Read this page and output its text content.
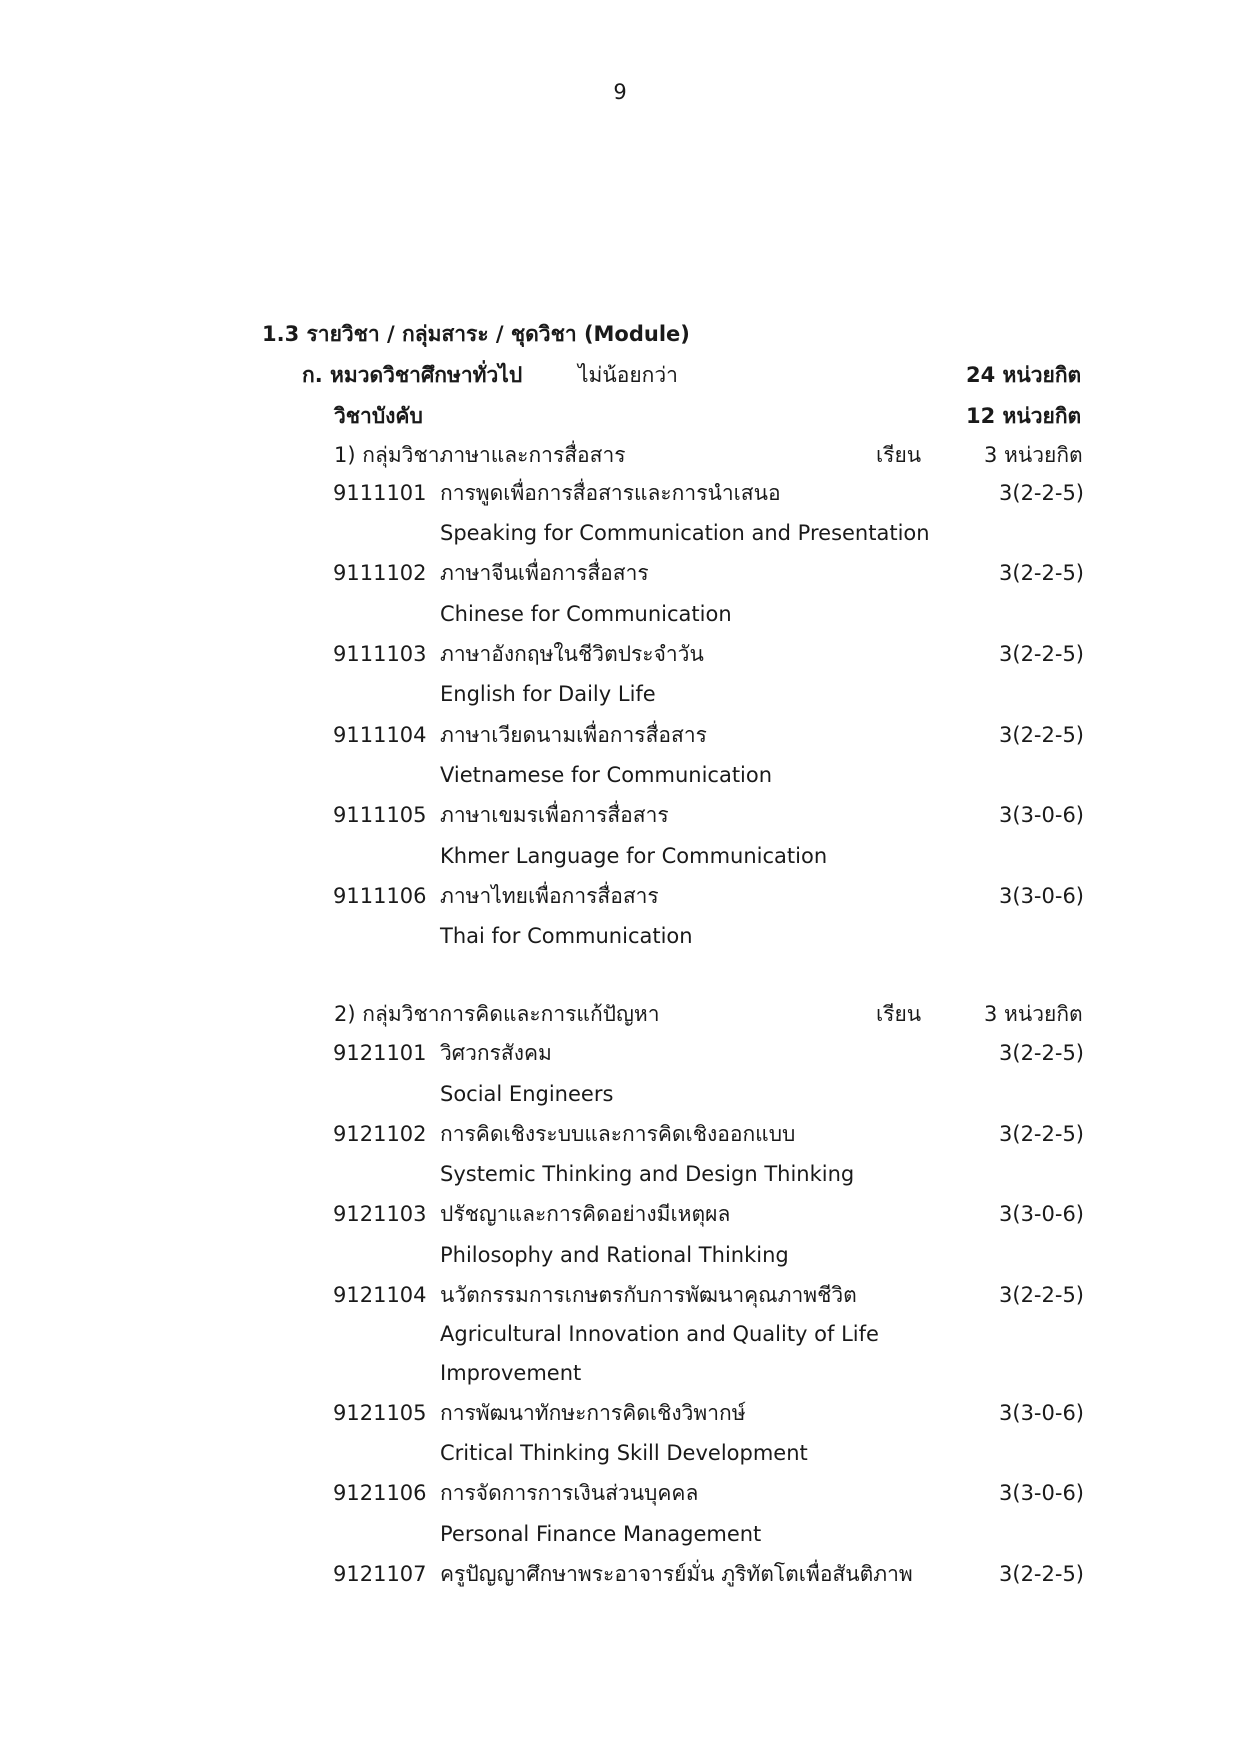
9
1.3 รายวิชา / กลุ่มสาระ / ชุดวิชา (Module)
ก. หมวดวิชาศึกษาทั่วไป	ไม่น้อยกว่า	24 หน่วยกิต
วิชาบังคับ	12 หน่วยกิต
1) กลุ่มวิชาภาษาและการสื่อสาร	เรียน	3 หน่วยกิต
9111101 การพูดเพื่อการสื่อสารและการนำเสนอ	3(2-2-5)
Speaking for Communication and Presentation
9111102 ภาษาจีนเพื่อการสื่อสาร	3(2-2-5)
Chinese for Communication
9111103 ภาษาอังกฤษในชีวิตประจำวัน	3(2-2-5)
English for Daily Life
9111104 ภาษาเวียดนามเพื่อการสื่อสาร	3(2-2-5)
Vietnamese for Communication
9111105 ภาษาเขมรเพื่อการสื่อสาร	3(3-0-6)
Khmer Language for Communication
9111106 ภาษาไทยเพื่อการสื่อสาร	3(3-0-6)
Thai for Communication
2) กลุ่มวิชาการคิดและการแก้ปัญหา	เรียน	3 หน่วยกิต
9121101 วิศวกรสังคม	3(2-2-5)
Social Engineers
9121102 การคิดเชิงระบบและการคิดเชิงออกแบบ	3(2-2-5)
Systemic Thinking and Design Thinking
9121103 ปรัชญาและการคิดอย่างมีเหตุผล	3(3-0-6)
Philosophy and Rational Thinking
9121104 นวัตกรรมการเกษตรกับการพัฒนาคุณภาพชีวิต	3(2-2-5)
Agricultural Innovation and Quality of Life
Improvement
9121105 การพัฒนาทักษะการคิดเชิงวิพากษ์	3(3-0-6)
Critical Thinking Skill Development
9121106 การจัดการการเงินส่วนบุคคล	3(3-0-6)
Personal Finance Management
9121107 ครูปัญญาศึกษาพระอาจารย์มั่น ภูริทัตโตเพื่อสันติภาพ	3(2-2-5)
